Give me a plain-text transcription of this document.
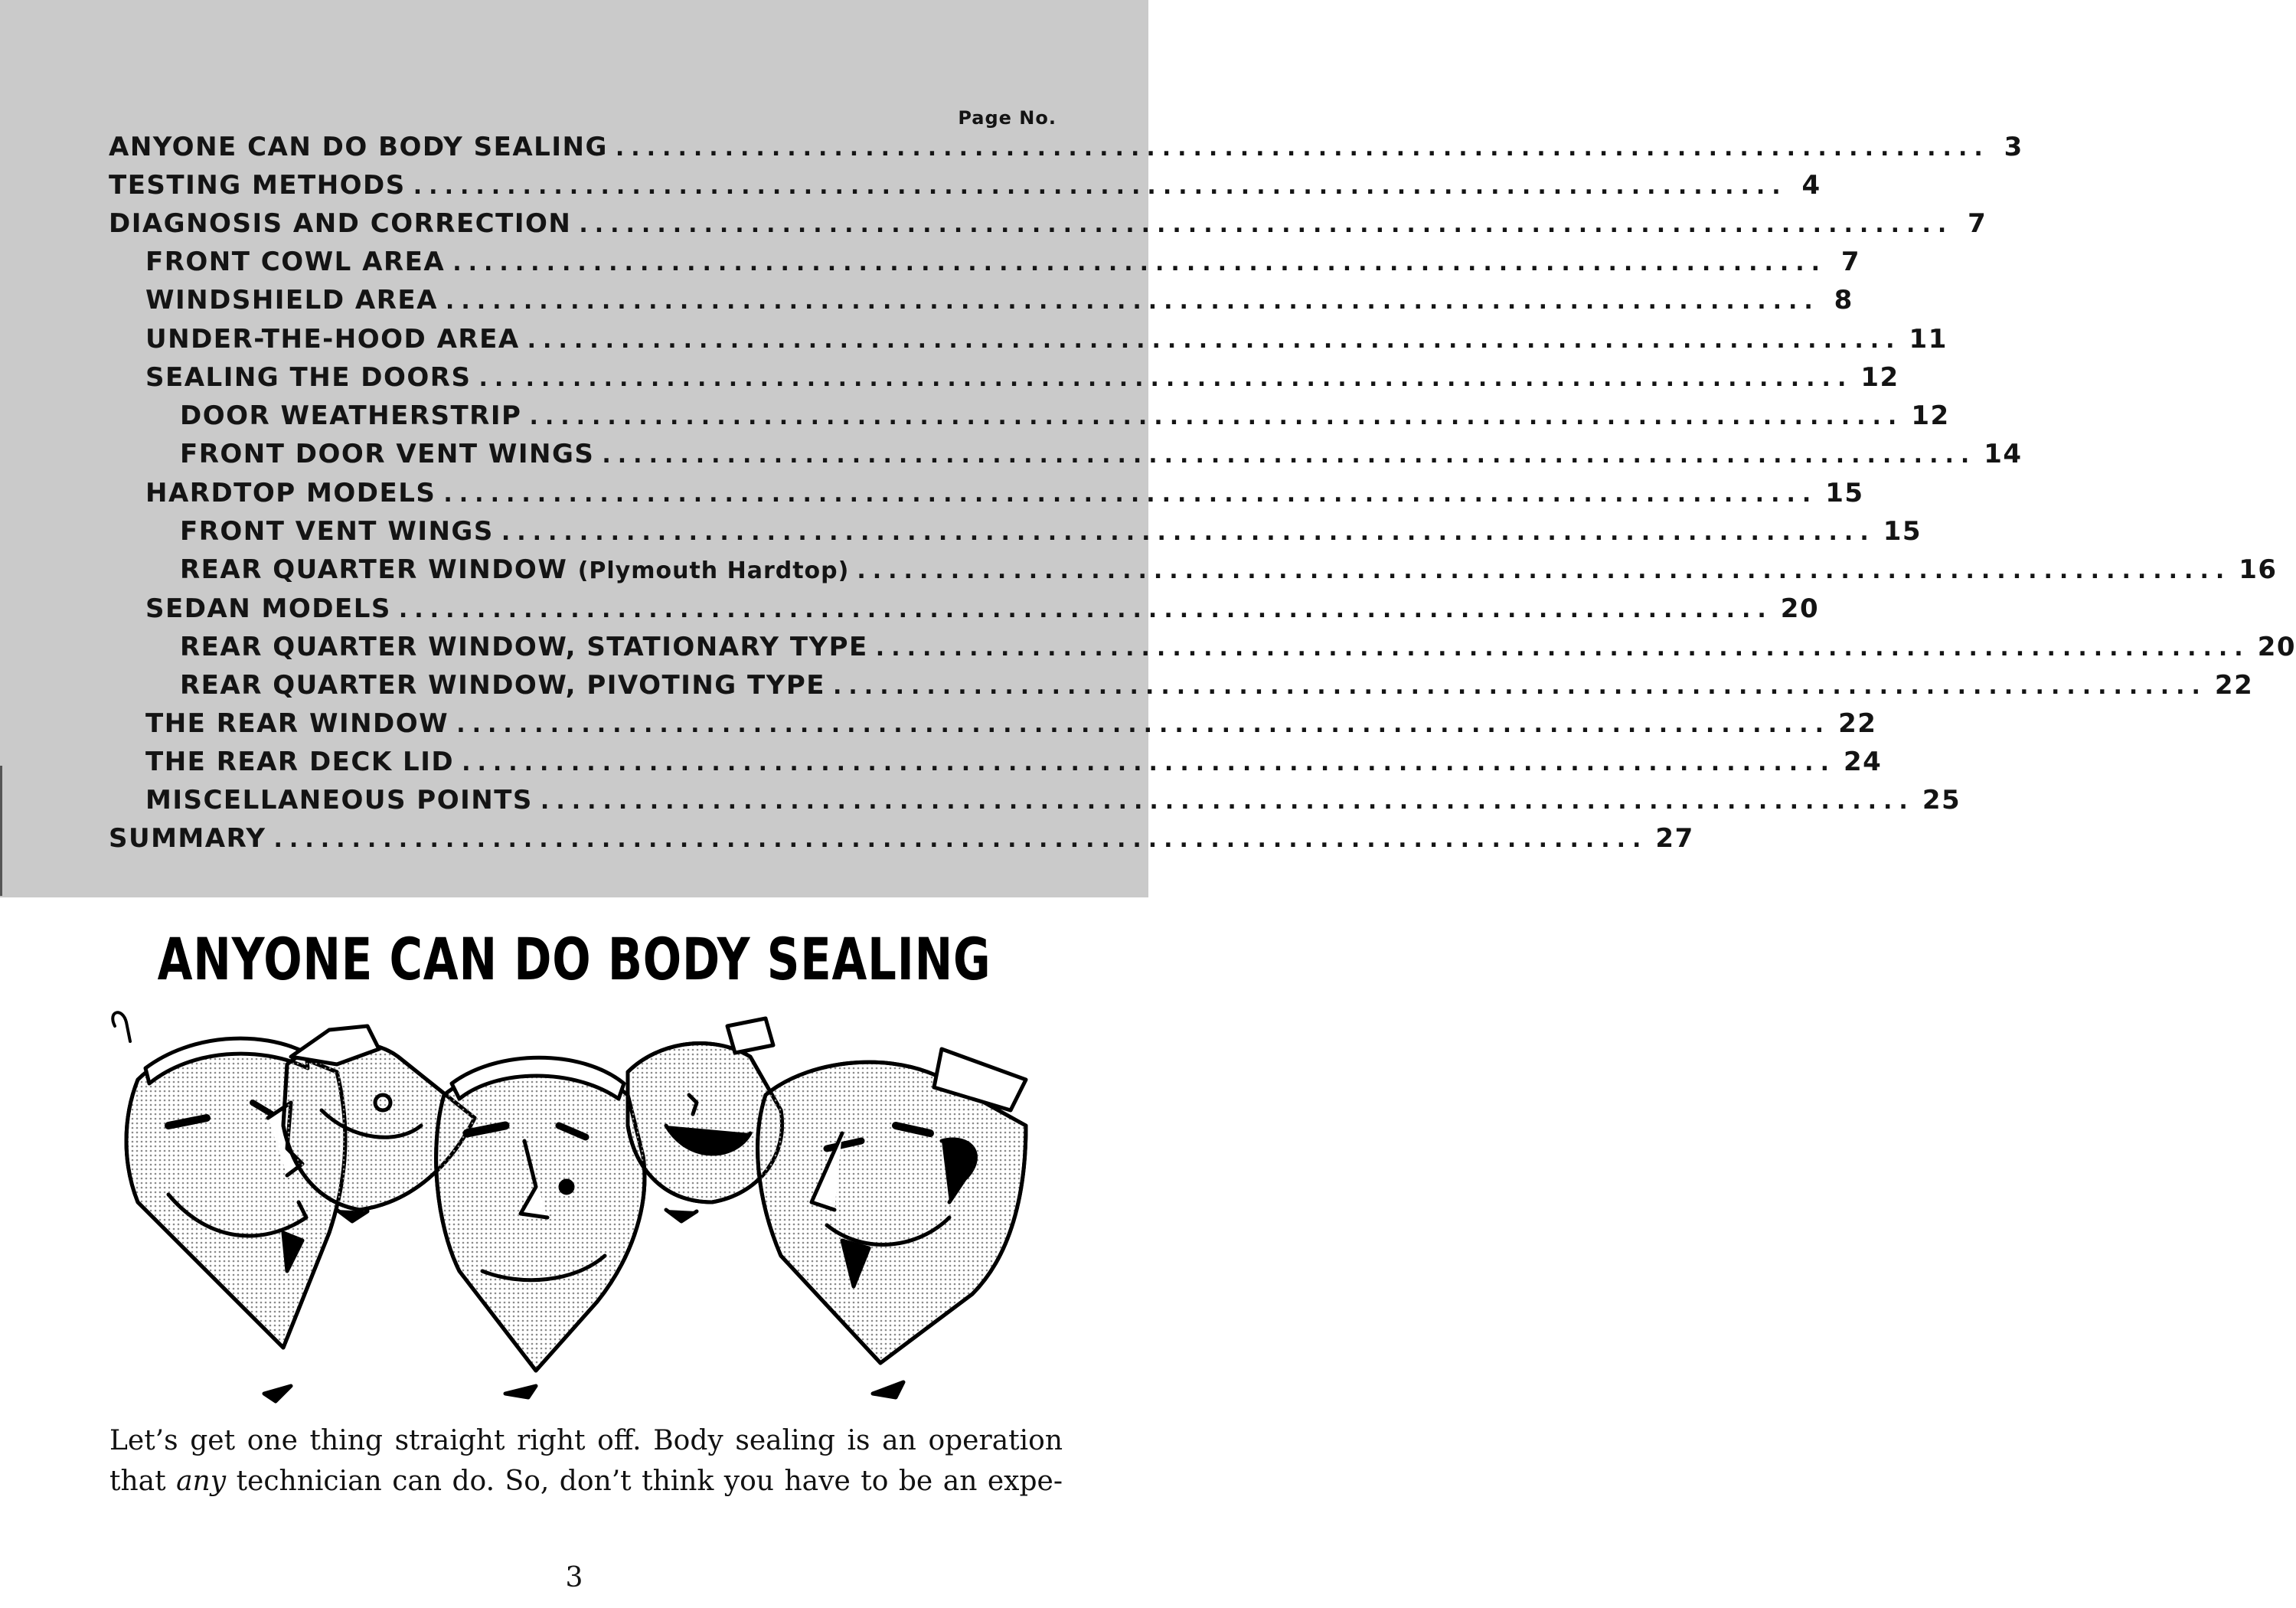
Page No.
ANYONE CAN DO BODY SEALING ........................................................................................ 3
TESTING METHODS ........................................................................................ 4
DIAGNOSIS AND CORRECTION ........................................................................................ 7
FRONT COWL AREA ........................................................................................ 7
WINDSHIELD AREA ........................................................................................ 8
UNDER-THE-HOOD AREA ........................................................................................ 11
SEALING THE DOORS ........................................................................................ 12
DOOR WEATHERSTRIP ........................................................................................ 12
FRONT DOOR VENT WINGS ........................................................................................ 14
HARDTOP MODELS ........................................................................................ 15
FRONT VENT WINGS ........................................................................................ 15
REAR QUARTER WINDOW (Plymouth Hardtop) ........................................................................................ 16
SEDAN MODELS ........................................................................................ 20
REAR QUARTER WINDOW, STATIONARY TYPE ........................................................................................ 20
REAR QUARTER WINDOW, PIVOTING TYPE ........................................................................................ 22
THE REAR WINDOW ........................................................................................ 22
THE REAR DECK LID ........................................................................................ 24
MISCELLANEOUS POINTS ........................................................................................ 25
SUMMARY ........................................................................................ 27
ANYONE CAN DO BODY SEALING
Let’s get one thing straight right off. Body sealing is an operation
that any technician can do. So, don’t think you have to be an expe-
3
